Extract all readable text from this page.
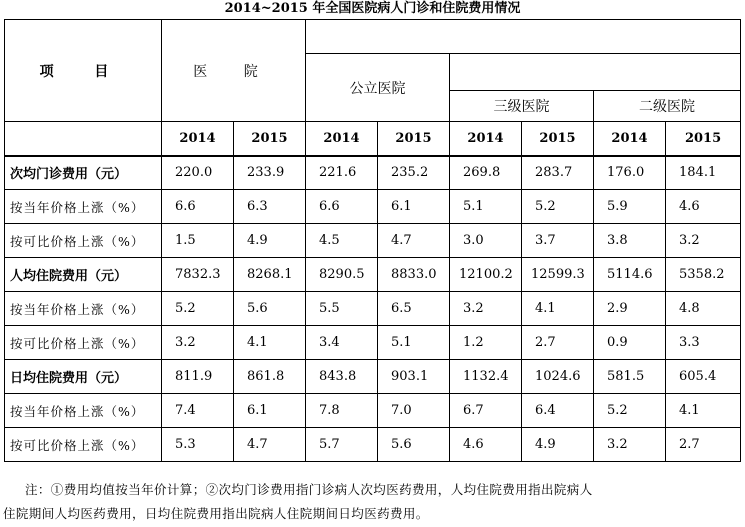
2014~2015 年全国医院病人门诊和住院费用情况
项 目	医 院							
			公立医院					
					三级医院		二级医院	
	2014	2015	2014	2015	2014	2015	2014	2015
次均门诊费用（元）	220.0	233.9	221.6	235.2	269.8	283.7	176.0	184.1
按当年价格上涨（%）	6.6	6.3	6.6	6.1	5.1	5.2	5.9	4.6
按可比价格上涨（%）	1.5	4.9	4.5	4.7	3.0	3.7	3.8	3.2
人均住院费用（元）	7832.3	8268.1	8290.5	8833.0	12100.2	12599.3	5114.6	5358.2
按当年价格上涨（%）	5.2	5.6	5.5	6.5	3.2	4.1	2.9	4.8
按可比价格上涨（%）	3.2	4.1	3.4	5.1	1.2	2.7	0.9	3.3
日均住院费用（元）	811.9	861.8	843.8	903.1	1132.4	1024.6	581.5	605.4
按当年价格上涨（%）	7.4	6.1	7.8	7.0	6.7	6.4	5.2	4.1
按可比价格上涨（%）	5.3	4.7	5.7	5.6	4.6	4.9	3.2	2.7
注：①费用均值按当年价计算；②次均门诊费用指门诊病人次均医药费用，人均住院费用指出院病人
住院期间人均医药费用，日均住院费用指出院病人住院期间日均医药费用。
